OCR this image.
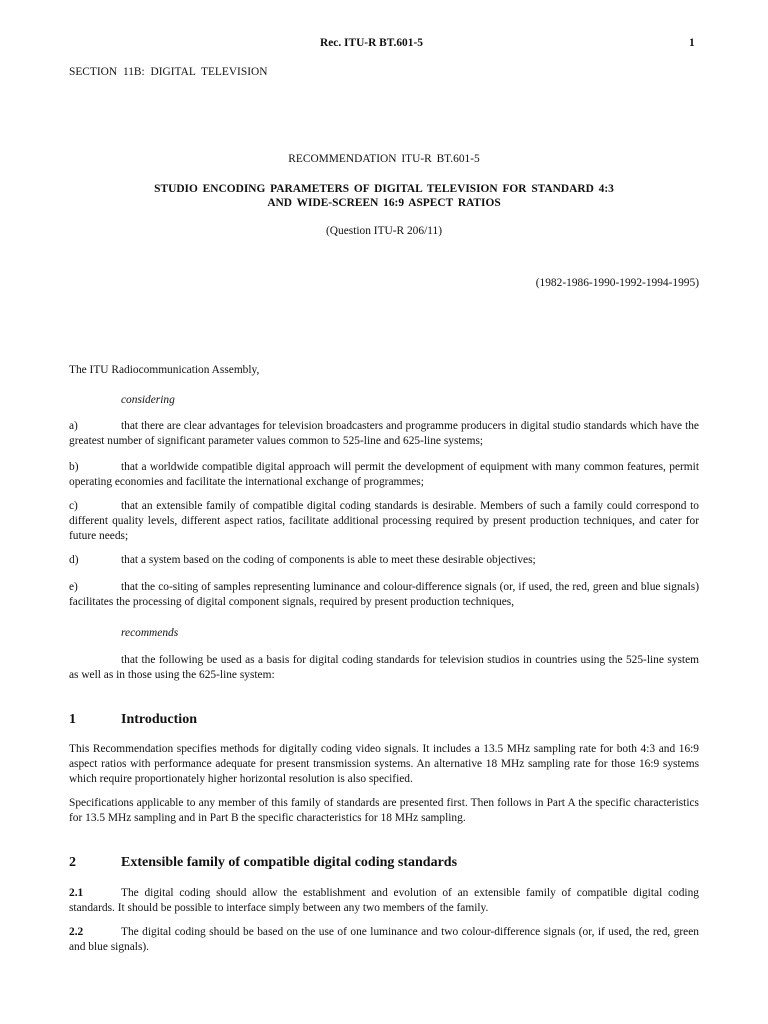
Rec. ITU-R BT.601-5	1
SECTION 11B: DIGITAL TELEVISION
RECOMMENDATION ITU-R BT.601-5
STUDIO ENCODING PARAMETERS OF DIGITAL TELEVISION FOR STANDARD 4:3
AND WIDE-SCREEN 16:9 ASPECT RATIOS
(Question ITU-R 206/11)
(1982-1986-1990-1992-1994-1995)
The ITU Radiocommunication Assembly,
considering
a)	that there are clear advantages for television broadcasters and programme producers in digital studio standards which have the greatest number of significant parameter values common to 525-line and 625-line systems;
b)	that a worldwide compatible digital approach will permit the development of equipment with many common features, permit operating economies and facilitate the international exchange of programmes;
c)	that an extensible family of compatible digital coding standards is desirable. Members of such a family could correspond to different quality levels, different aspect ratios, facilitate additional processing required by present production techniques, and cater for future needs;
d)	that a system based on the coding of components is able to meet these desirable objectives;
e)	that the co-siting of samples representing luminance and colour-difference signals (or, if used, the red, green and blue signals) facilitates the processing of digital component signals, required by present production techniques,
recommends
that the following be used as a basis for digital coding standards for television studios in countries using the 525-line system as well as in those using the 625-line system:
1	Introduction
This Recommendation specifies methods for digitally coding video signals. It includes a 13.5 MHz sampling rate for both 4:3 and 16:9 aspect ratios with performance adequate for present transmission systems. An alternative 18 MHz sampling rate for those 16:9 systems which require proportionately higher horizontal resolution is also specified.
Specifications applicable to any member of this family of standards are presented first. Then follows in Part A the specific characteristics for 13.5 MHz sampling and in Part B the specific characteristics for 18 MHz sampling.
2	Extensible family of compatible digital coding standards
2.1	The digital coding should allow the establishment and evolution of an extensible family of compatible digital coding standards. It should be possible to interface simply between any two members of the family.
2.2	The digital coding should be based on the use of one luminance and two colour-difference signals (or, if used, the red, green and blue signals).
